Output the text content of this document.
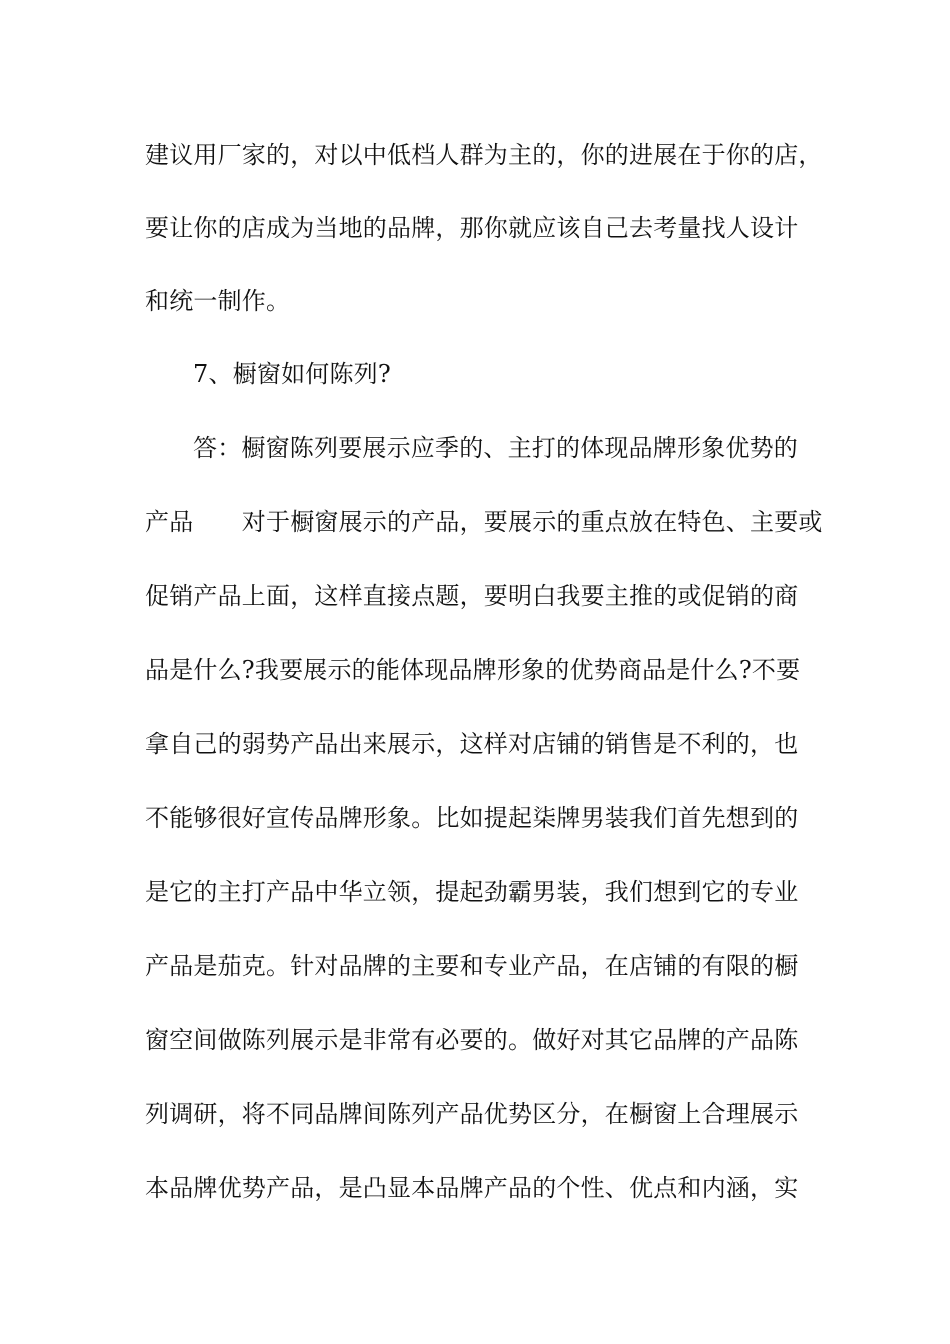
建议用厂家的，对以中低档人群为主的，你的进展在于你的店，
要让你的店成为当地的品牌，那你就应该自己去考量找人设计
和统一制作。
7、橱窗如何陈列?
答：橱窗陈列要展示应季的、主打的体现品牌形象优势的
产品　　对于橱窗展示的产品，要展示的重点放在特色、主要或
促销产品上面，这样直接点题，要明白我要主推的或促销的商
品是什么?我要展示的能体现品牌形象的优势商品是什么?不要
拿自己的弱势产品出来展示，这样对店铺的销售是不利的，也
不能够很好宣传品牌形象。比如提起柒牌男装我们首先想到的
是它的主打产品中华立领，提起劲霸男装，我们想到它的专业
产品是茄克。针对品牌的主要和专业产品，在店铺的有限的橱
窗空间做陈列展示是非常有必要的。做好对其它品牌的产品陈
列调研，将不同品牌间陈列产品优势区分，在橱窗上合理展示
本品牌优势产品，是凸显本品牌产品的个性、优点和内涵，实
